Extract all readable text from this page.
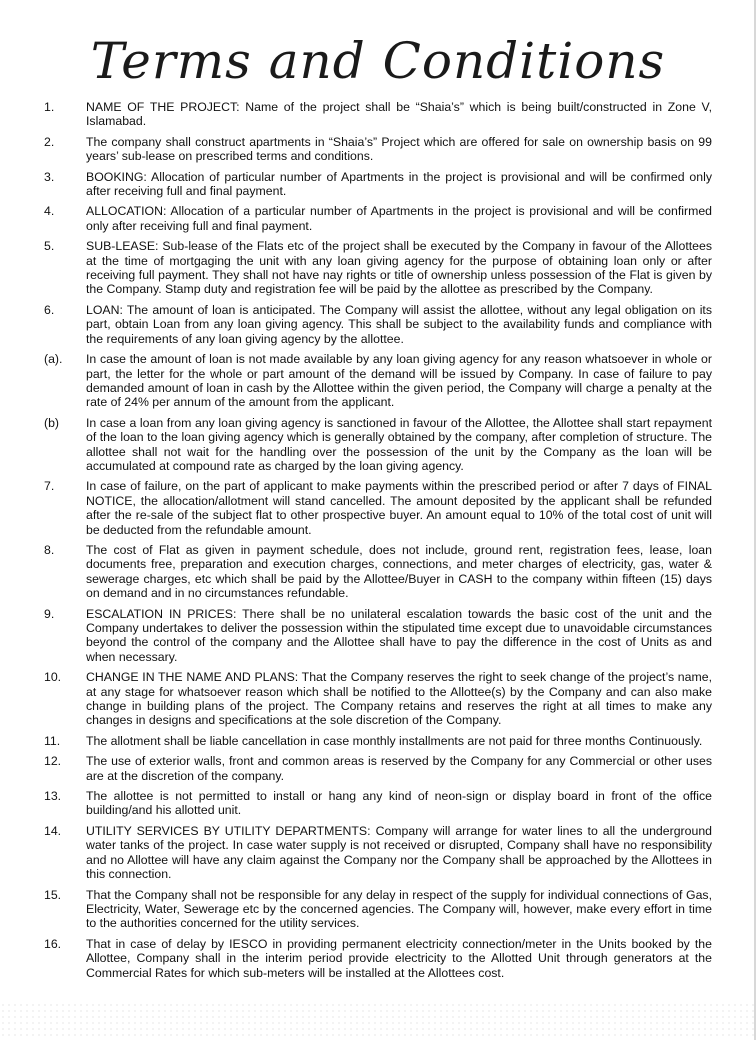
Terms and Conditions
1.	NAME OF THE PROJECT: Name of the project shall be “Shaia’s” which is being built/constructed in Zone V, Islamabad.
2.	The company shall construct apartments in “Shaia’s” Project which are offered for sale on ownership basis on 99 years’ sub-lease on prescribed terms and conditions.
3.	BOOKING: Allocation of particular number of Apartments in the project is provisional and will be confirmed only after receiving full and final payment.
4.	ALLOCATION: Allocation of a particular number of Apartments in the project is provisional and will be confirmed only after receiving full and final payment.
5.	SUB-LEASE: Sub-lease of the Flats etc of the project shall be executed by the Company in favour of the Allottees at the time of mortgaging the unit with any loan giving agency for the purpose of obtaining loan only or after receiving full payment. They shall not have nay rights or title of ownership unless possession of the Flat is given by the Company. Stamp duty and registration fee will be paid by the allottee as prescribed by the Company.
6.	LOAN: The amount of loan is anticipated. The Company will assist the allottee, without any legal obligation on its part, obtain Loan from any loan giving agency. This shall be subject to the availability funds and compliance with the requirements of any loan giving agency by the allottee.
(a).	In case the amount of loan is not made available by any loan giving agency for any reason whatsoever in whole or part, the letter for the whole or part amount of the demand will be issued by Company. In case of failure to pay demanded amount of loan in cash by the Allottee within the given period, the Company will charge a penalty at the rate of 24% per annum of the amount from the applicant.
(b)	In case a loan from any loan giving agency is sanctioned in favour of the Allottee, the Allottee shall start repayment of the loan to the loan giving agency which is generally obtained by the company, after completion of structure. The allottee shall not wait for the handling over the possession of the unit by the Company as the loan will be accumulated at compound rate as charged by the loan giving agency.
7.	In case of failure, on the part of applicant to make payments within the prescribed period or after 7 days of FINAL NOTICE, the allocation/allotment will stand cancelled. The amount deposited by the applicant shall be refunded after the re-sale of the subject flat to other prospective buyer. An amount equal to 10% of the total cost of unit will be deducted from the refundable amount.
8.	The cost of Flat as given in payment schedule, does not include, ground rent, registration fees, lease, loan documents free, preparation and execution charges, connections, and meter charges of electricity, gas, water & sewerage charges, etc which shall be paid by the Allottee/Buyer in CASH to the company within fifteen (15) days on demand and in no circumstances refundable.
9.	ESCALATION IN PRICES: There shall be no unilateral escalation towards the basic cost of the unit and the Company undertakes to deliver the possession within the stipulated time except due to unavoidable circumstances beyond the control of the company and the Allottee shall have to pay the difference in the cost of Units as and when necessary.
10.	CHANGE IN THE NAME AND PLANS: That the Company reserves the right to seek change of the project’s name, at any stage for whatsoever reason which shall be notified to the Allottee(s) by the Company and can also make change in building plans of the project. The Company retains and reserves the right at all times to make any changes in designs and specifications at the sole discretion of the Company.
11.	The allotment shall be liable cancellation in case monthly installments are not paid for three months Continuously.
12.	The use of exterior walls, front and common areas is reserved by the Company for any Commercial or other uses are at the discretion of the company.
13.	The allottee is not permitted to install or hang any kind of neon-sign or display board in front of the office building/and his allotted unit.
14.	UTILITY SERVICES BY UTILITY DEPARTMENTS: Company will arrange for water lines to all the underground water tanks of the project. In case water supply is not received or disrupted, Company shall have no responsibility and no Allottee will have any claim against the Company nor the Company shall be approached by the Allottees in this connection.
15.	That the Company shall not be responsible for any delay in respect of the supply for individual connections of Gas, Electricity, Water, Sewerage etc by the concerned agencies. The Company will, however, make every effort in time to the authorities concerned for the utility services.
16.	That in case of delay by IESCO in providing permanent electricity connection/meter in the Units booked by the Allottee, Company shall in the interim period provide electricity to the Allotted Unit through generators at the Commercial Rates for which sub-meters will be installed at the Allottees cost.
